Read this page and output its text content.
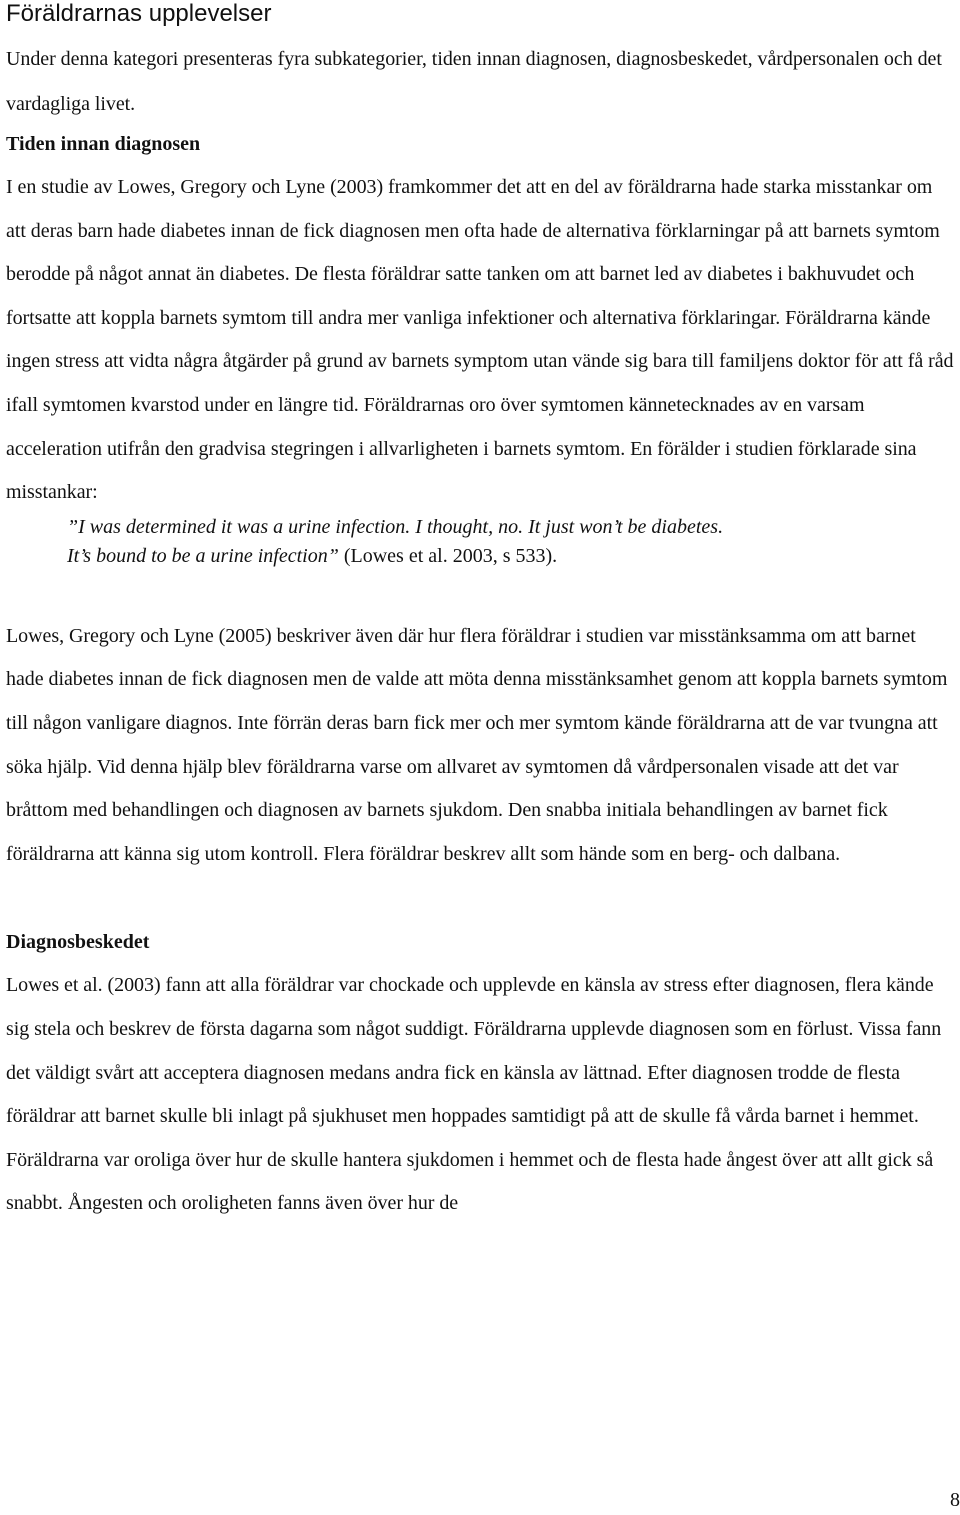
Föräldrarnas upplevelser

Under denna kategori presenteras fyra subkategorier, tiden innan diagnosen, diagnosbeskedet, vårdpersonalen och det vardagliga livet.

Tiden innan diagnosen

I en studie av Lowes, Gregory och Lyne (2003) framkommer det att en del av föräldrarna hade starka misstankar om att deras barn hade diabetes innan de fick diagnosen men ofta hade de alternativa förklarningar på att barnets symtom berodde på något annat än diabetes. De flesta föräldrar satte tanken om att barnet led av diabetes i bakhuvudet och fortsatte att koppla barnets symtom till andra mer vanliga infektioner och alternativa förklaringar. Föräldrarna kände ingen stress att vidta några åtgärder på grund av barnets symptom utan vände sig bara till familjens doktor för att få råd ifall symtomen kvarstod under en längre tid. Föräldrarnas oro över symtomen kännetecknades av en varsam acceleration utifrån den gradvisa stegringen i allvarligheten i barnets symtom. En förälder i studien förklarade sina misstankar:

”I was determined it was a urine infection. I thought, no. It just won’t be diabetes.
It’s bound to be a urine infection” (Lowes et al. 2003, s 533).

Lowes, Gregory och Lyne (2005) beskriver även där hur flera föräldrar i studien var misstänksamma om att barnet hade diabetes innan de fick diagnosen men de valde att möta denna misstänksamhet genom att koppla barnets symtom till någon vanligare diagnos. Inte förrän deras barn fick mer och mer symtom kände föräldrarna att de var tvungna att söka hjälp. Vid denna hjälp blev föräldrarna varse om allvaret av symtomen då vårdpersonalen visade att det var bråttom med behandlingen och diagnosen av barnets sjukdom. Den snabba initiala behandlingen av barnet fick föräldrarna att känna sig utom kontroll. Flera föräldrar beskrev allt som hände som en berg- och dalbana.

Diagnosbeskedet

Lowes et al. (2003) fann att alla föräldrar var chockade och upplevde en känsla av stress efter diagnosen, flera kände sig stela och beskrev de första dagarna som något suddigt. Föräldrarna upplevde diagnosen som en förlust. Vissa fann det väldigt svårt att acceptera diagnosen medans andra fick en känsla av lättnad. Efter diagnosen trodde de flesta föräldrar att barnet skulle bli inlagt på sjukhuset men hoppades samtidigt på att de skulle få vårda barnet i hemmet. Föräldrarna var oroliga över hur de skulle hantera sjukdomen i hemmet och de flesta hade ångest över att allt gick så snabbt. Ångesten och oroligheten fanns även över hur de

8
